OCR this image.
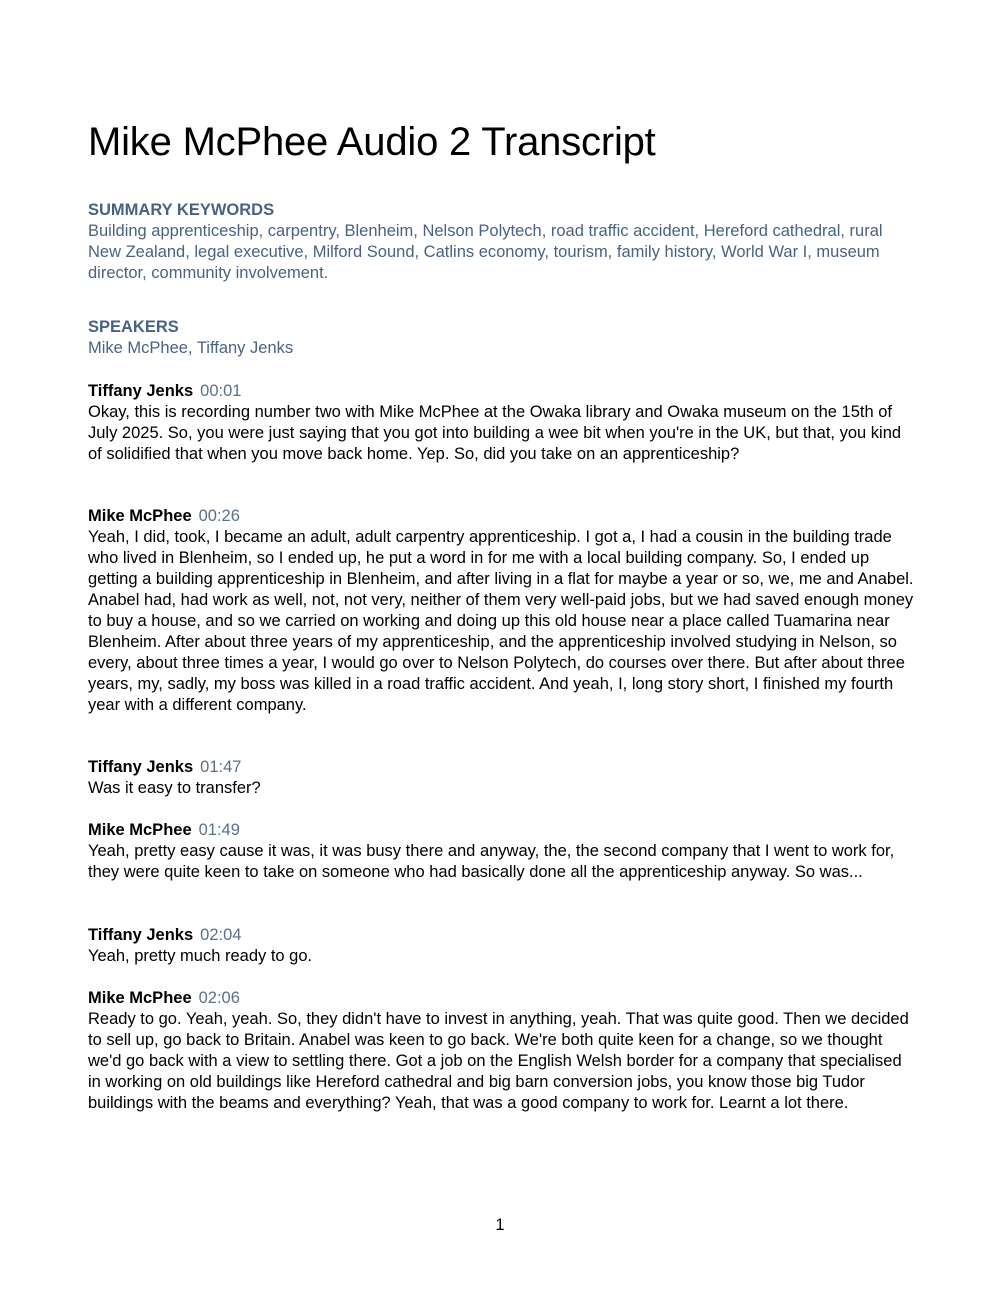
Mike McPhee Audio 2 Transcript
SUMMARY KEYWORDS
Building apprenticeship, carpentry, Blenheim, Nelson Polytech, road traffic accident, Hereford cathedral, rural New Zealand, legal executive, Milford Sound, Catlins economy, tourism, family history, World War I, museum director, community involvement.
SPEAKERS
Mike McPhee, Tiffany Jenks
Tiffany Jenks 00:01
Okay, this is recording number two with Mike McPhee at the Owaka library and Owaka museum on the 15th of July 2025. So, you were just saying that you got into building a wee bit when you're in the UK, but that, you kind of solidified that when you move back home. Yep. So, did you take on an apprenticeship?
Mike McPhee 00:26
Yeah, I did, took, I became an adult, adult carpentry apprenticeship. I got a, I had a cousin in the building trade who lived in Blenheim, so I ended up, he put a word in for me with a local building company. So, I ended up getting a building apprenticeship in Blenheim, and after living in a flat for maybe a year or so, we, me and Anabel. Anabel had, had work as well, not, not very, neither of them very well-paid jobs, but we had saved enough money to buy a house, and so we carried on working and doing up this old house near a place called Tuamarina near Blenheim. After about three years of my apprenticeship, and the apprenticeship involved studying in Nelson, so every, about three times a year, I would go over to Nelson Polytech, do courses over there. But after about three years, my, sadly, my boss was killed in a road traffic accident. And yeah, I, long story short, I finished my fourth year with a different company.
Tiffany Jenks 01:47
Was it easy to transfer?
Mike McPhee 01:49
Yeah, pretty easy cause it was, it was busy there and anyway, the, the second company that I went to work for, they were quite keen to take on someone who had basically done all the apprenticeship anyway. So was...
Tiffany Jenks 02:04
Yeah, pretty much ready to go.
Mike McPhee 02:06
Ready to go. Yeah, yeah. So, they didn't have to invest in anything, yeah. That was quite good. Then we decided to sell up, go back to Britain. Anabel was keen to go back. We're both quite keen for a change, so we thought we'd go back with a view to settling there. Got a job on the English Welsh border for a company that specialised in working on old buildings like Hereford cathedral and big barn conversion jobs, you know those big Tudor buildings with the beams and everything? Yeah, that was a good company to work for. Learnt a lot there.
1
